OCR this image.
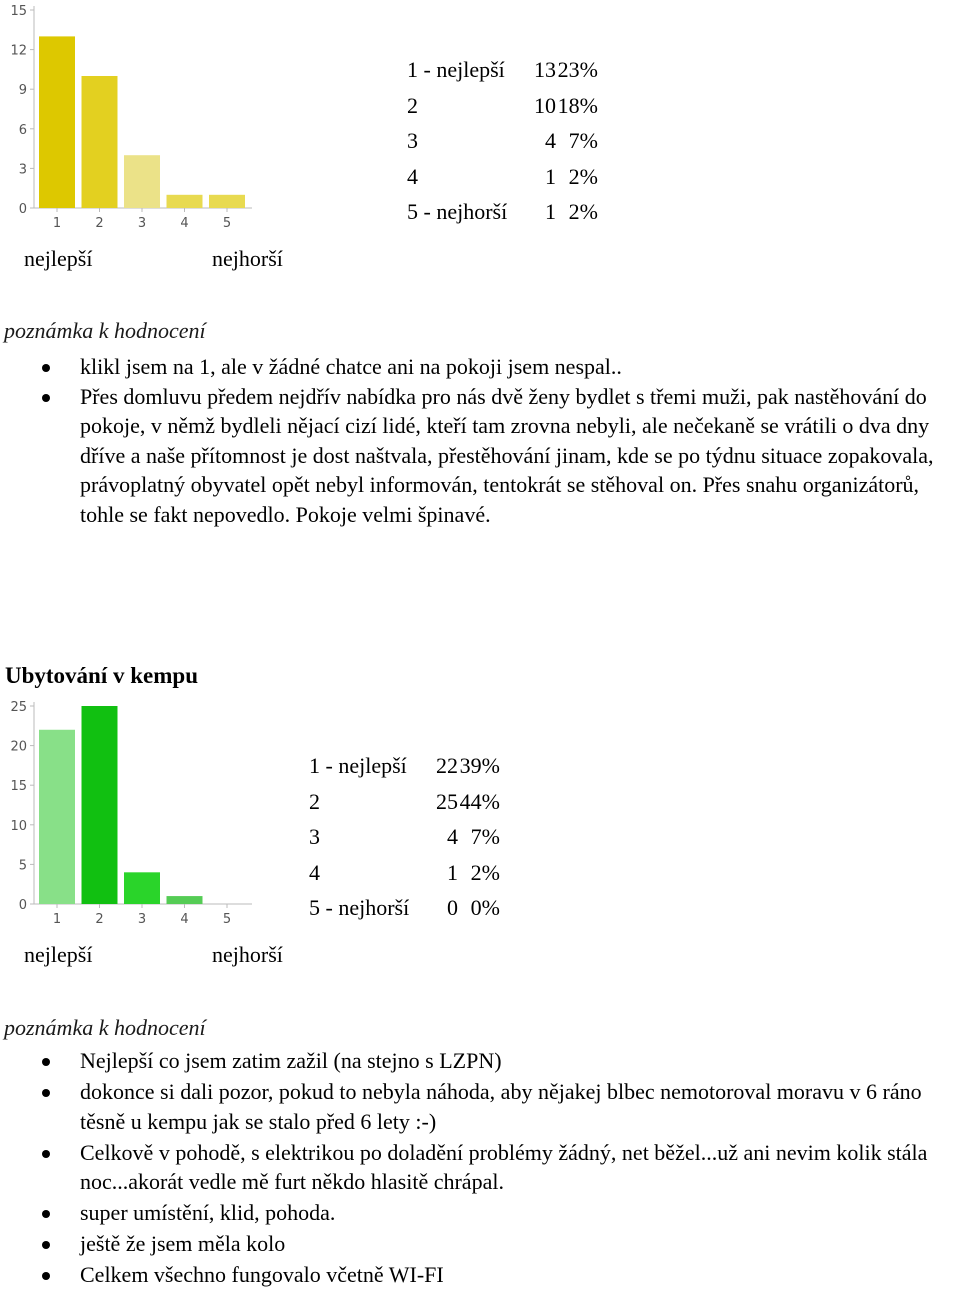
0
3
6
9
12
15
1	2	3	4	5
1 - nejlepší	13 23%
2	10 18%
3	4 7%
4	1 2%
5 - nejhorší	1 2%
nejlepší	nejhorší
poznámka k hodnocení
klikl jsem na 1, ale v žádné chatce ani na pokoji jsem nespal..
Přes domluvu předem nejdřív nabídka pro nás dvě ženy bydlet s třemi muži, pak nastěhování do pokoje, v němž bydleli nějací cizí lidé, kteří tam zrovna nebyli, ale nečekaně se vrátili o dva dny dříve a naše přítomnost je dost naštvala, přestěhování jinam, kde se po týdnu situace zopakovala, právoplatný obyvatel opět nebyl informován, tentokrát se stěhoval on. Přes snahu organizátorů, tohle se fakt nepovedlo. Pokoje velmi špinavé.
Ubytování v kempu
0
5
10
15
20
25
1	2	3	4	5
1 - nejlepší	22 39%
2	25 44%
3	4 7%
4	1 2%
5 - nejhorší	0 0%
nejlepší	nejhorší
poznámka k hodnocení
Nejlepší co jsem zatim zažil (na stejno s LZPN)
dokonce si dali pozor, pokud to nebyla náhoda, aby nějakej blbec nemotoroval moravu v 6 ráno těsně u kempu jak se stalo před 6 lety :-)
Celkově v pohodě, s elektrikou po doladění problémy žádný, net běžel...už ani nevim kolik stála noc...akorát vedle mě furt někdo hlasitě chrápal.
super umístění, klid, pohoda.
ještě že jsem měla kolo
Celkem všechno fungovalo včetně WI-FI
